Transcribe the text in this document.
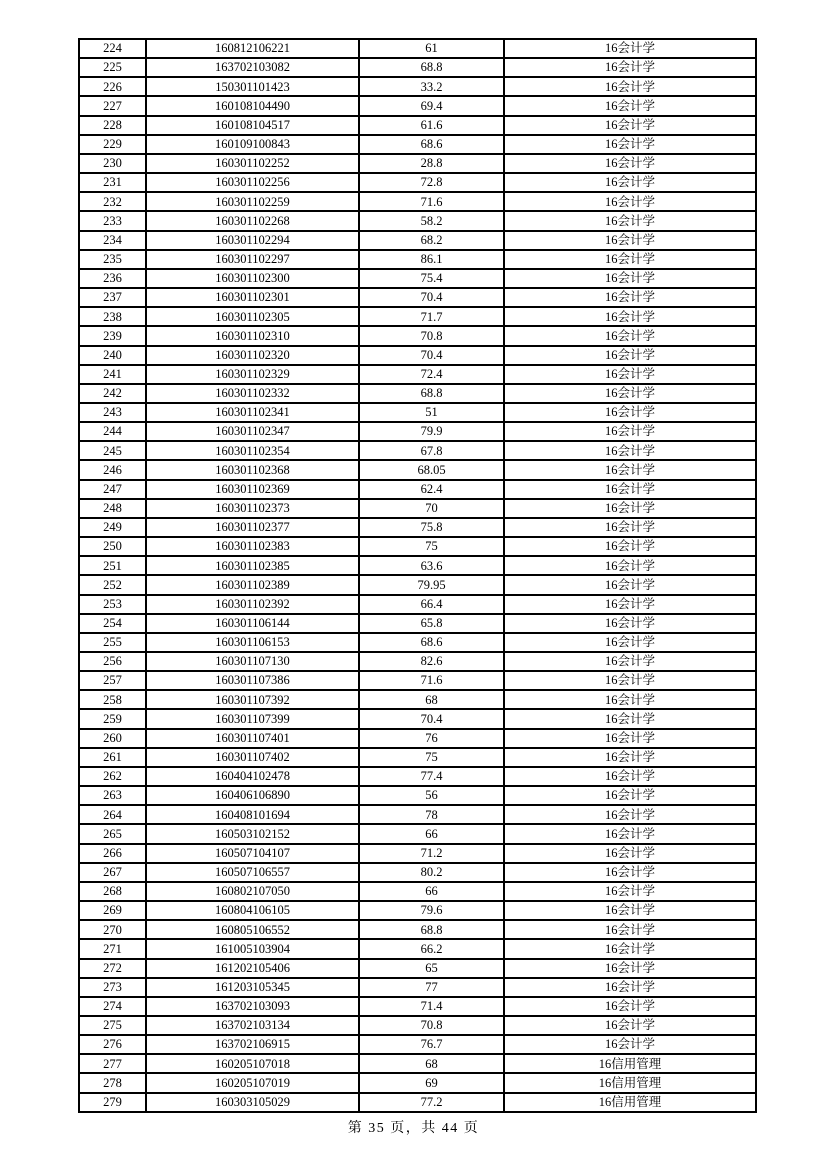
224	160812106221	61	16会计学
225	163702103082	68.8	16会计学
226	150301101423	33.2	16会计学
227	160108104490	69.4	16会计学
228	160108104517	61.6	16会计学
229	160109100843	68.6	16会计学
230	160301102252	28.8	16会计学
231	160301102256	72.8	16会计学
232	160301102259	71.6	16会计学
233	160301102268	58.2	16会计学
234	160301102294	68.2	16会计学
235	160301102297	86.1	16会计学
236	160301102300	75.4	16会计学
237	160301102301	70.4	16会计学
238	160301102305	71.7	16会计学
239	160301102310	70.8	16会计学
240	160301102320	70.4	16会计学
241	160301102329	72.4	16会计学
242	160301102332	68.8	16会计学
243	160301102341	51	16会计学
244	160301102347	79.9	16会计学
245	160301102354	67.8	16会计学
246	160301102368	68.05	16会计学
247	160301102369	62.4	16会计学
248	160301102373	70	16会计学
249	160301102377	75.8	16会计学
250	160301102383	75	16会计学
251	160301102385	63.6	16会计学
252	160301102389	79.95	16会计学
253	160301102392	66.4	16会计学
254	160301106144	65.8	16会计学
255	160301106153	68.6	16会计学
256	160301107130	82.6	16会计学
257	160301107386	71.6	16会计学
258	160301107392	68	16会计学
259	160301107399	70.4	16会计学
260	160301107401	76	16会计学
261	160301107402	75	16会计学
262	160404102478	77.4	16会计学
263	160406106890	56	16会计学
264	160408101694	78	16会计学
265	160503102152	66	16会计学
266	160507104107	71.2	16会计学
267	160507106557	80.2	16会计学
268	160802107050	66	16会计学
269	160804106105	79.6	16会计学
270	160805106552	68.8	16会计学
271	161005103904	66.2	16会计学
272	161202105406	65	16会计学
273	161203105345	77	16会计学
274	163702103093	71.4	16会计学
275	163702103134	70.8	16会计学
276	163702106915	76.7	16会计学
277	160205107018	68	16信用管理
278	160205107019	69	16信用管理
279	160303105029	77.2	16信用管理
第 35 页，共 44 页
